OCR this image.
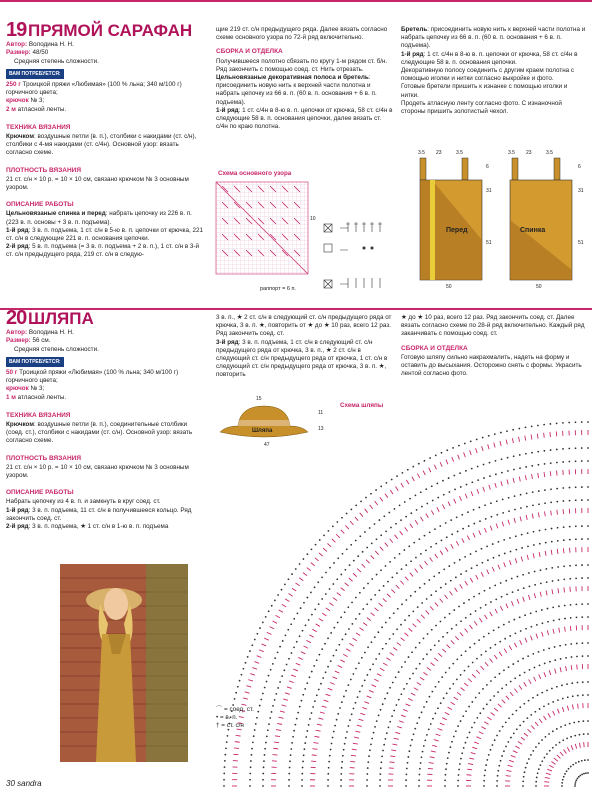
19 ПРЯМОЙ САРАФАН
Автор: Володина Н. Н.
Размер: 48/50
Средняя степень сложности.
ВАМ ПОТРЕБУЕТСЯ:
250 г Троицкой пряжи «Любимая» (100 % льна; 340 м/100 г) горчичного цвета;
крючок № 3;
2 м атласной ленты.
ТЕХНИКА ВЯЗАНИЯ
Крючком: воздушные петли (в. п.), столбики с накидами (ст. с/н), столбики с 4-мя накидами (ст. с/4н). Основной узор: вязать согласно схеме.
ПЛОТНОСТЬ ВЯЗАНИЯ
21 ст. с/н × 10 р. = 10 × 10 см, связано крючком № 3 основным узором.
ОПИСАНИЕ РАБОТЫ
Цельновязаные спинка и перед: набрать цепочку из 226 в. п. (223 в. п. основы + 3 в. п. подъема).
1-й ряд: 3 в. п. подъема, 1 ст. с/н в 5-ю в. п. цепочки от крючка, 221 ст. с/н в следующие 221 в. п. основания цепочки.
2-й ряд: 5 в. п. подъема (= 3 в. п. подъема + 2 в. п.), 1 ст. с/н в 3-й ст. с/н предыдущего ряда, 219 ст. с/н в следую-
щие 219 ст. с/н предыдущего ряда. Далее вязать согласно схеме основного узора по 72-й ряд включительно.
СБОРКА И ОТДЕЛКА
Получившееся полотно сбязать по кругу 1-м рядом ст. б/н. Ряд закончить с помощью соед. ст. Нить отрезать.
Цельновязаные декоративная полоса и бретель: присоединить новую нить к верхней части полотна и набрать цепочку из 66 в. п. (60 в. п. основания + 6 в. п. подъема).
1-й ряд: 1 ст. с/4н в 8-ю в. п. цепочки от крючка, 58 ст. с/4н в следующие 58 в. п. основания цепочки, далее вязать ст. с/4н по краю полотна.
Бретель: присоединить новую нить к верхней части полотна и набрать цепочку из 66 в. п. (60 в. п. основания + 6 в. п. подъема).
1-й ряд: 1 ст. с/4н в 8-ю в. п. цепочки от крючка, 58 ст. с/4н в следующие 58 в. п. основания цепочки.
Декоративную полосу соединить с другим краем полотна с помощью иголки и нитки согласно выкройке и фото.
Готовые бретели пришить к изнанке с помощью иголки и нитки.
Продеть атласную ленту согласно фото. С изнаночной стороны пришить золотистый чехол.
Схема основного узора
10
раппорт = 6 п.
3.5 23	3.5	3.5 23	3.5
6
31
51
50	50
6
31
51
Перед	Спинка
20 ШЛЯПА
Автор: Володина Н. Н.
Размер: 56 см.
Средняя степень сложности.
ВАМ ПОТРЕБУЕТСЯ:
50 г Троицкой пряжи «Любимая» (100 % льна; 340 м/100 г) горчичного цвета;
крючок № 3;
1 м атласной ленты.
ТЕХНИКА ВЯЗАНИЯ
Крючком: воздушные петли (в. п.), соединительные столбики (соед. ст.), столбики с накидами (ст. с/н). Основной узор: вязать согласно схеме.
ПЛОТНОСТЬ ВЯЗАНИЯ
21 ст. с/н × 10 р. = 10 × 10 см, связано крючком № 3 основным узором.
ОПИСАНИЕ РАБОТЫ
Набрать цепочку из 4 в. п. и замкнуть в круг соед. ст.
1-й ряд: 3 в. п. подъема, 11 ст. с/н в получившееся кольцо. Ряд закончить соед. ст.
2-й ряд: 3 в. п. подъема, ★ 1 ст. с/н в 1-ю в. п. подъема
3 в. п., ★ 2 ст. с/н в следующий ст. с/н предыдущего ряда от крючка, 3 в. п. ★, повторить от ★ до ★ 10 раз, всего 12 раз. Ряд закончить соед. ст.
3-й ряд: 3 в. п. подъема, 1 ст. с/н в следующий ст. с/н предыдущего ряда от крючка, 3 в. п., ★ 2 ст. с/н в следующий ст. с/н предыдущего ряда от крючка, 1 ст. с/н в следующий ст. с/н предыдущего ряда от крючка, 3 в. п. ★, повторить
★ до ★ 10 раз, всего 12 раз. Ряд закончить соед. ст. Далее вязать согласно схеме по 28-й ряд включительно. Каждый ряд заканчивать с помощью соед. ст.
СБОРКА И ОТДЕЛКА
Готовую шляпу сильно накрахмалить, надеть на форму и оставить до высыхания. Осторожно снять с формы. Украсить лентой согласно фото.
15
11
47
13
Шляпа
Схема шляпы
⌒ = соед. ст.
• = в. п.
† = ст. с/н
30 sandra
